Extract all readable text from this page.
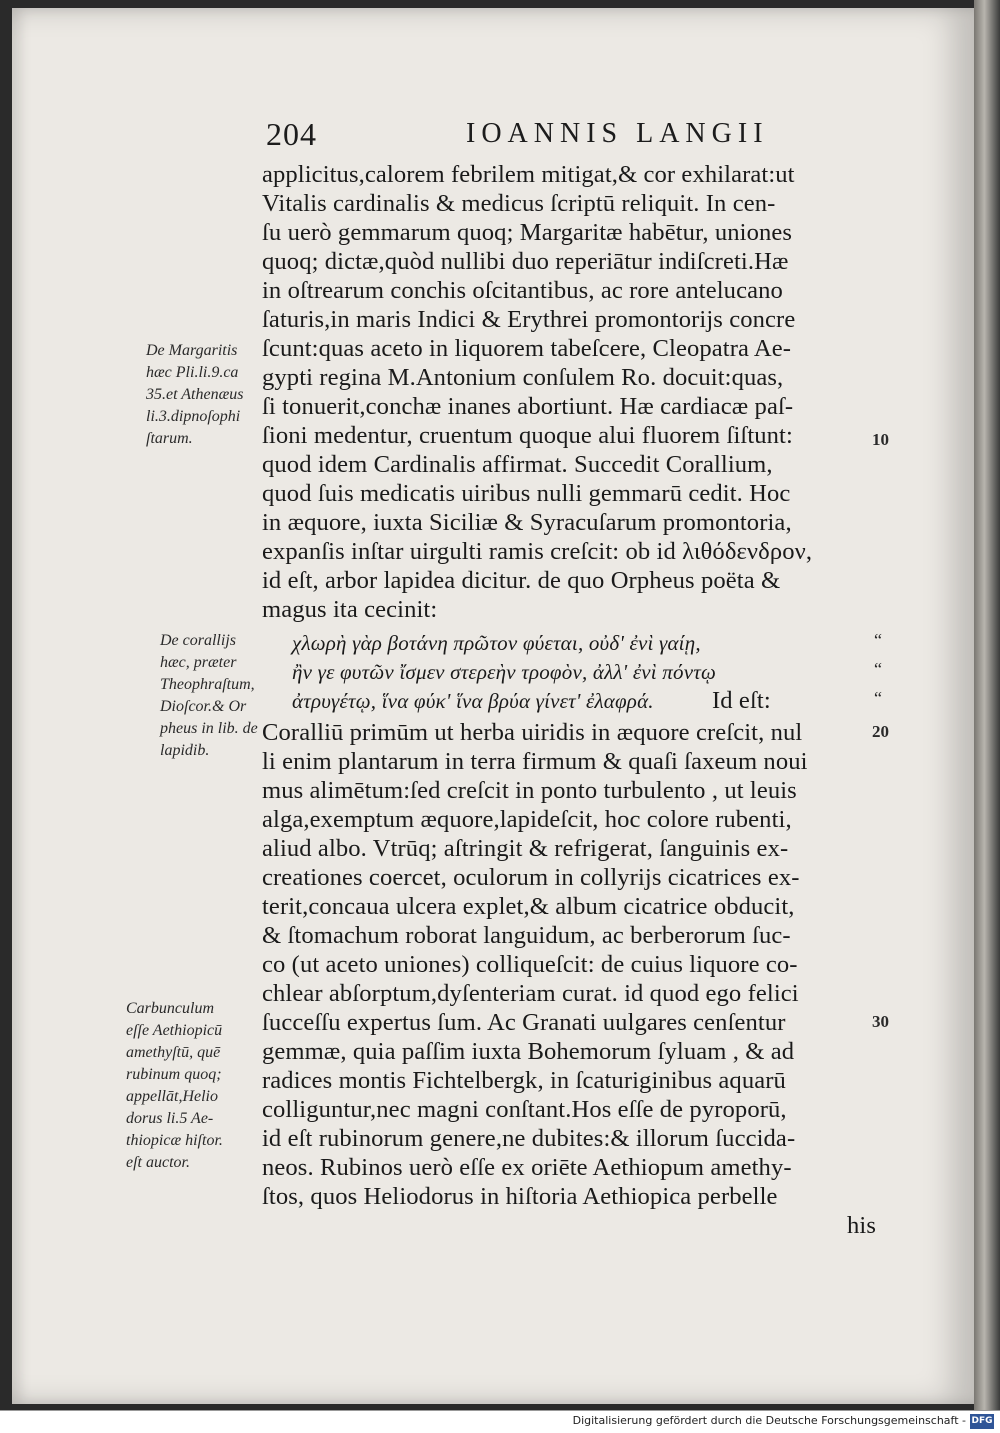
204	IOANNIS LANGII
applicitus,calorem febrilem mitigat,& cor exhilarat:ut
Vitalis cardinalis & medicus ſcriptū reliquit. In cen-
ſu uerò gemmarum quoq; Margaritæ habētur, uniones
quoq; dictæ,quòd nullibi duo reperiātur indiſcreti.Hæ
in oſtrearum conchis oſcitantibus, ac rore antelucano
ſaturis,in maris Indici & Erythrei promontorijs concre
ſcunt:quas aceto in liquorem tabeſcere, Cleopatra Ae-
gypti regina M.Antonium conſulem Ro. docuit:quas,
ſi tonuerit,conchæ inanes abortiunt. Hæ cardiacæ paſ-
ſioni medentur, cruentum quoque alui fluorem ſiſtunt:
quod idem Cardinalis affirmat. Succedit Corallium,
quod ſuis medicatis uiribus nulli gemmarū cedit. Hoc
in æquore, iuxta Siciliæ & Syracuſarum promontoria,
expanſis inſtar uirgulti ramis creſcit: ob id λιθόδενδρον,
id eſt, arbor lapidea dicitur. de quo Orpheus poëta &
magus ita cecinit:
χλωρὴ γὰρ βοτάνη πρῶτον φύεται, οὐδ' ἐνὶ γαίῃ,
ἢν γε φυτῶν ἴσμεν στερεὴν τροφὸν, ἀλλ' ἐνὶ πόντῳ
ἀτρυγέτῳ, ἵνα φύκ' ἵνα βρύα γίνετ' ἐλαφρά. Id eſt:
Coralliū primūm ut herba uiridis in æquore creſcit, nul
li enim plantarum in terra firmum & quaſi ſaxeum noui
mus alimētum:ſed creſcit in ponto turbulento , ut leuis
alga,exemptum æquore,lapideſcit, hoc colore rubenti,
aliud albo. Vtrūq; aſtringit & refrigerat, ſanguinis ex-
creationes coercet, oculorum in collyrijs cicatrices ex-
terit,concaua ulcera explet,& album cicatrice obducit,
& ſtomachum roborat languidum, ac berberorum ſuc-
co (ut aceto uniones) colliqueſcit: de cuius liquore co-
chlear abſorptum,dyſenteriam curat. id quod ego felici
ſucceſſu expertus ſum. Ac Granati uulgares cenſentur
gemmæ, quia paſſim iuxta Bohemorum ſyluam , & ad
radices montis Fichtelbergk, in ſcaturiginibus aquarū
colliguntur,nec magni conſtant.Hos eſſe de pyroporū,
id eſt rubinorum genere,ne dubites:& illorum ſuccida-
neos. Rubinos uerò eſſe ex oriēte Aethiopum amethy-
ſtos, quos Heliodorus in hiſtoria Aethiopica perbelle
his
10
20
30
“
“
“
De Margaritis
hæc Pli.li.9.ca
35.et Athenæus
li.3.dipnoſophi
ſtarum.
De corallijs
hæc, præter
Theophraſtum,
Dioſcor.& Or
pheus in lib. de
lapidib.
Carbunculum
eſſe Aethiopicū
amethyſtū, quē
rubinum quoq;
appellāt,Helio
dorus li.5 Ae-
thiopicæ hiſtor.
eſt auctor.
Digitalisierung gefördert durch die Deutsche Forschungsgemeinschaft - DFG
